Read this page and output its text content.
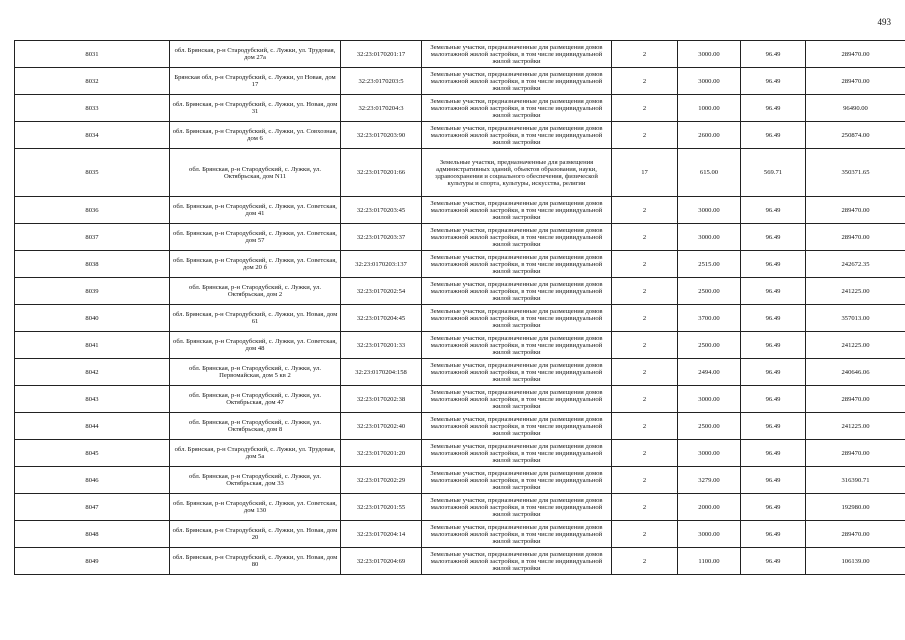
493
8031	обл. Брянская, р-н Стародубский, с. Лужки, ул. Трудовая, дом 27а	32:23:0170201:17	Земельные участки, предназначенные для размещения домов малоэтажной жилой застройки, в том числе индивидуальной жилой застройки	2	3000.00	96.49	289470.00
8032	Брянская обл, р-н Стародубский, с. Лужки, ул Новая, дом 17	32:23:0170203:5	Земельные участки, предназначенные для размещения домов малоэтажной жилой застройки, в том числе индивидуальной жилой застройки	2	3000.00	96.49	289470.00
8033	обл. Брянская, р-н Стародубский, с. Лужки, ул. Новая, дом 31	32:23:0170204:3	Земельные участки, предназначенные для размещения домов малоэтажной жилой застройки, в том числе индивидуальной жилой застройки	2	1000.00	96.49	96490.00
8034	обл. Брянская, р-н Стародубский, с. Лужки, ул. Совхозная, дом 6	32:23:0170203:90	Земельные участки, предназначенные для размещения домов малоэтажной жилой застройки, в том числе индивидуальной жилой застройки	2	2600.00	96.49	250874.00
8035	обл. Брянская, р-н Стародубский, с. Лужки, ул. Октябрьская, дом N11	32:23:0170201:66	Земельные участки, предназначенные для размещения административных зданий, объектов образования, науки, здравоохранения и социального обеспечения, физической культуры и спорта, культуры, искусства, религии	17	615.00	569.71	350371.65
8036	обл. Брянская, р-н Стародубский, с. Лужки, ул. Советская, дом 41	32:23:0170203:45	Земельные участки, предназначенные для размещения домов малоэтажной жилой застройки, в том числе индивидуальной жилой застройки	2	3000.00	96.49	289470.00
8037	обл. Брянская, р-н Стародубский, с. Лужки, ул. Советская, дом 57	32:23:0170203:37	Земельные участки, предназначенные для размещения домов малоэтажной жилой застройки, в том числе индивидуальной жилой застройки	2	3000.00	96.49	289470.00
8038	обл. Брянская, р-н Стародубский, с. Лужки, ул. Советская, дом 20 б	32:23:0170203:137	Земельные участки, предназначенные для размещения домов малоэтажной жилой застройки, в том числе индивидуальной жилой застройки	2	2515.00	96.49	242672.35
8039	обл. Брянская, р-н Стародубский, с. Лужки, ул. Октябрьская, дом 2	32:23:0170202:54	Земельные участки, предназначенные для размещения домов малоэтажной жилой застройки, в том числе индивидуальной жилой застройки	2	2500.00	96.49	241225.00
8040	обл. Брянская, р-н Стародубский, с. Лужки, ул. Новая, дом 61	32:23:0170204:45	Земельные участки, предназначенные для размещения домов малоэтажной жилой застройки, в том числе индивидуальной жилой застройки	2	3700.00	96.49	357013.00
8041	обл. Брянская, р-н Стародубский, с. Лужки, ул. Советская, дом 48	32:23:0170201:33	Земельные участки, предназначенные для размещения домов малоэтажной жилой застройки, в том числе индивидуальной жилой застройки	2	2500.00	96.49	241225.00
8042	обл. Брянская, р-н Стародубский, с. Лужки, ул. Первомайская, дом 5 кв 2	32:23:0170204:158	Земельные участки, предназначенные для размещения домов малоэтажной жилой застройки, в том числе индивидуальной жилой застройки	2	2494.00	96.49	240646.06
8043	обл. Брянская, р-н Стародубский, с. Лужки, ул. Октябрьская, дом 47	32:23:0170202:38	Земельные участки, предназначенные для размещения домов малоэтажной жилой застройки, в том числе индивидуальной жилой застройки	2	3000.00	96.49	289470.00
8044	обл. Брянская, р-н Стародубский, с. Лужки, ул. Октябрьская, дом 8	32:23:0170202:40	Земельные участки, предназначенные для размещения домов малоэтажной жилой застройки, в том числе индивидуальной жилой застройки	2	2500.00	96.49	241225.00
8045	обл. Брянская, р-н Стародубский, с. Лужки, ул. Трудовая, дом 5а	32:23:0170201:20	Земельные участки, предназначенные для размещения домов малоэтажной жилой застройки, в том числе индивидуальной жилой застройки	2	3000.00	96.49	289470.00
8046	обл. Брянская, р-н Стародубский, с. Лужки, ул. Октябрьская, дом 33	32:23:0170202:29	Земельные участки, предназначенные для размещения домов малоэтажной жилой застройки, в том числе индивидуальной жилой застройки	2	3279.00	96.49	316390.71
8047	обл. Брянская, р-н Стародубский, с. Лужки, ул. Советская, дом 130	32:23:0170201:55	Земельные участки, предназначенные для размещения домов малоэтажной жилой застройки, в том числе индивидуальной жилой застройки	2	2000.00	96.49	192980.00
8048	обл. Брянская, р-н Стародубский, с. Лужки, ул. Новая, дом 20	32:23:0170204:14	Земельные участки, предназначенные для размещения домов малоэтажной жилой застройки, в том числе индивидуальной жилой застройки	2	3000.00	96.49	289470.00
8049	обл. Брянская, р-н Стародубский, с. Лужки, ул. Новая, дом 80	32:23:0170204:69	Земельные участки, предназначенные для размещения домов малоэтажной жилой застройки, в том числе индивидуальной жилой застройки	2	1100.00	96.49	106139.00
